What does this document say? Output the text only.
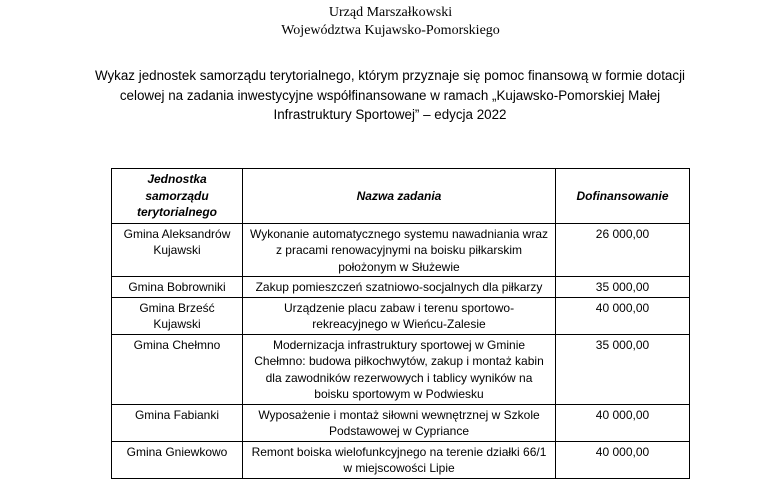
Urząd Marszałkowski
Województwa Kujawsko-Pomorskiego
Wykaz jednostek samorządu terytorialnego, którym przyznaje się pomoc finansową w formie dotacji
celowej na zadania inwestycyjne współfinansowane w ramach „Kujawsko-Pomorskiej Małej
Infrastruktury Sportowej” – edycja 2022
Jednostka samorządu terytorialnego	Nazwa zadania	Dofinansowanie
Gmina Aleksandrów Kujawski	Wykonanie automatycznego systemu nawadniania wraz z pracami renowacyjnymi na boisku piłkarskim położonym w Służewie	26 000,00
Gmina Bobrowniki	Zakup pomieszczeń szatniowo-socjalnych dla piłkarzy	35 000,00
Gmina Brześć Kujawski	Urządzenie placu zabaw i terenu sportowo-rekreacyjnego w Wieńcu-Zalesie	40 000,00
Gmina Chełmno	Modernizacja infrastruktury sportowej w Gminie Chełmno: budowa piłkochwytów, zakup i montaż kabin dla zawodników rezerwowych i tablicy wyników na boisku sportowym w Podwiesku	35 000,00
Gmina Fabianki	Wyposażenie i montaż siłowni wewnętrznej w Szkole Podstawowej w Cypriance	40 000,00
Gmina Gniewkowo	Remont boiska wielofunkcyjnego na terenie działki 66/1 w miejscowości Lipie	40 000,00
